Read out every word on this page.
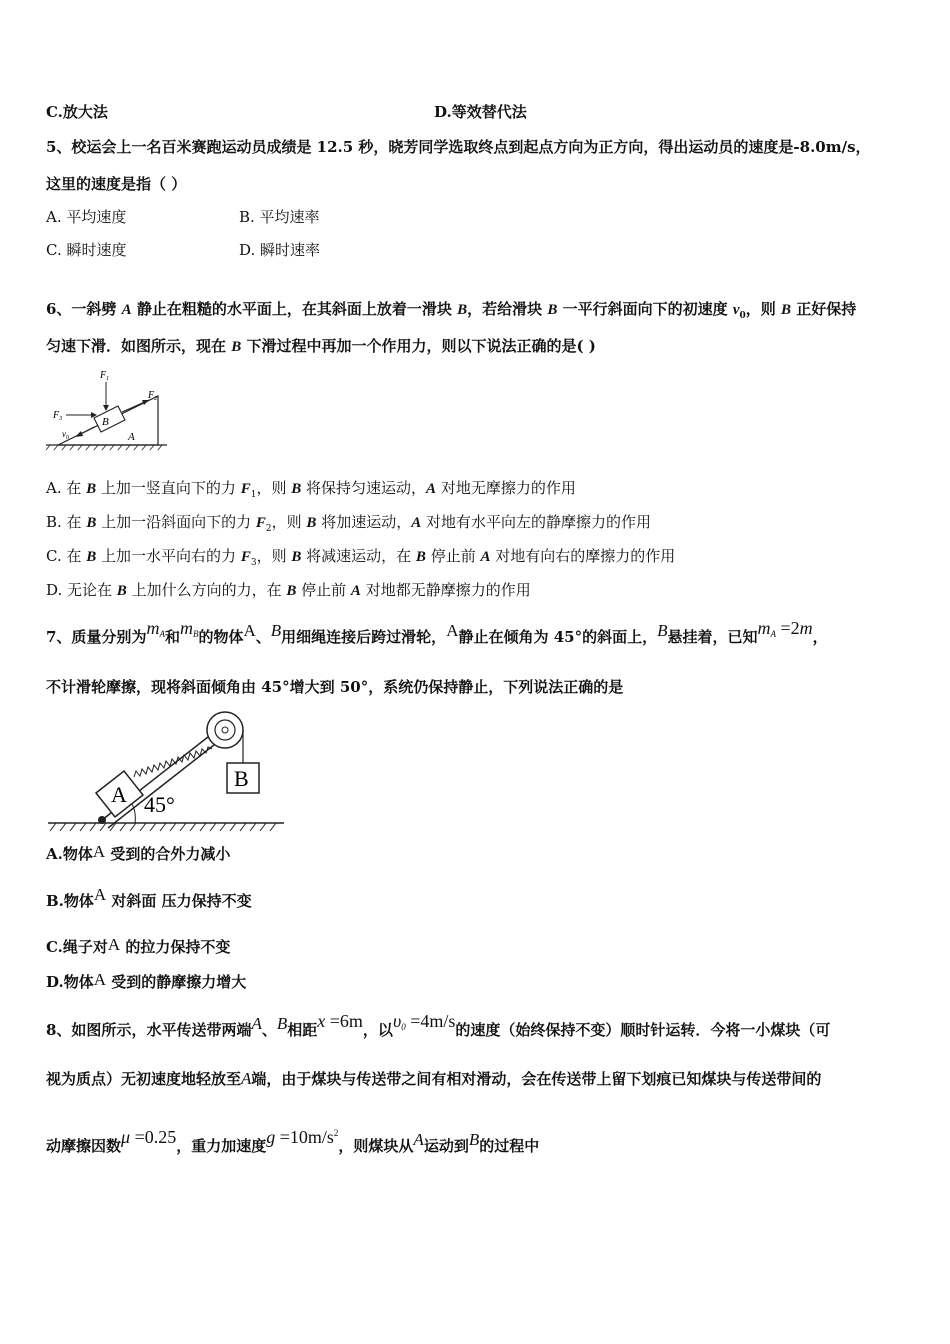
C.放大法	D.等效替代法
5、校运会上一名百米赛跑运动员成绩是 12.5 秒，晓芳同学选取终点到起点方向为正方向，得出运动员的速度是-8.0m/s，
这里的速度是指（ ）
A. 平均速度	B. 平均速率
C. 瞬时速度	D. 瞬时速率
6、一斜劈 A 静止在粗糙的水平面上，在其斜面上放着一滑块 B，若给滑块 B 一平行斜面向下的初速度 $v_0$，则 B 正好保持
匀速下滑．如图所示，现在 B 下滑过程中再加一个作用力，则以下说法正确的是( )
B
A
$F_1$
$F_2$
$F_3$
$v_0$
A. 在 B 上加一竖直向下的力 $F_1$，则 B 将保持匀速运动，A 对地无摩擦力的作用
B. 在 B 上加一沿斜面向下的力 $F_2$，则 B 将加速运动，A 对地有水平向左的静摩擦力的作用
C. 在 B 上加一水平向右的力 $F_3$，则 B 将减速运动，在 B 停止前 A 对地有向右的摩擦力的作用
D. 无论在 B 上加什么方向的力，在 B 停止前 A 对地都无静摩擦力的作用
7、质量分别为$m_A$和$m_B$的物体A、B用细绳连接后跨过滑轮，A静止在倾角为 45°的斜面上，B悬挂着，已知$m_A =2m$，
不计滑轮摩擦，现将斜面倾角由 45°增大到 50°，系统仍保持静止，下列说法正确的是
45°
A
B
A.物体A 受到的合外力减小
B.物体A 对斜面 压力保持不变
C.绳子对A 的拉力保持不变
D.物体A 受到的静摩擦力增大
8、如图所示，水平传送带两端A、B相距x =6m，以$\upsilon_0 =4m/s$的速度（始终保持不变）顺时针运转．今将一小煤块（可
视为质点）无初速度地轻放至A端，由于煤块与传送带之间有相对滑动，会在传送带上留下划痕已知煤块与传送带间的
动摩擦因数μ =0.25，重力加速度$g =10m/s^2$，则煤块从A运动到B的过程中
